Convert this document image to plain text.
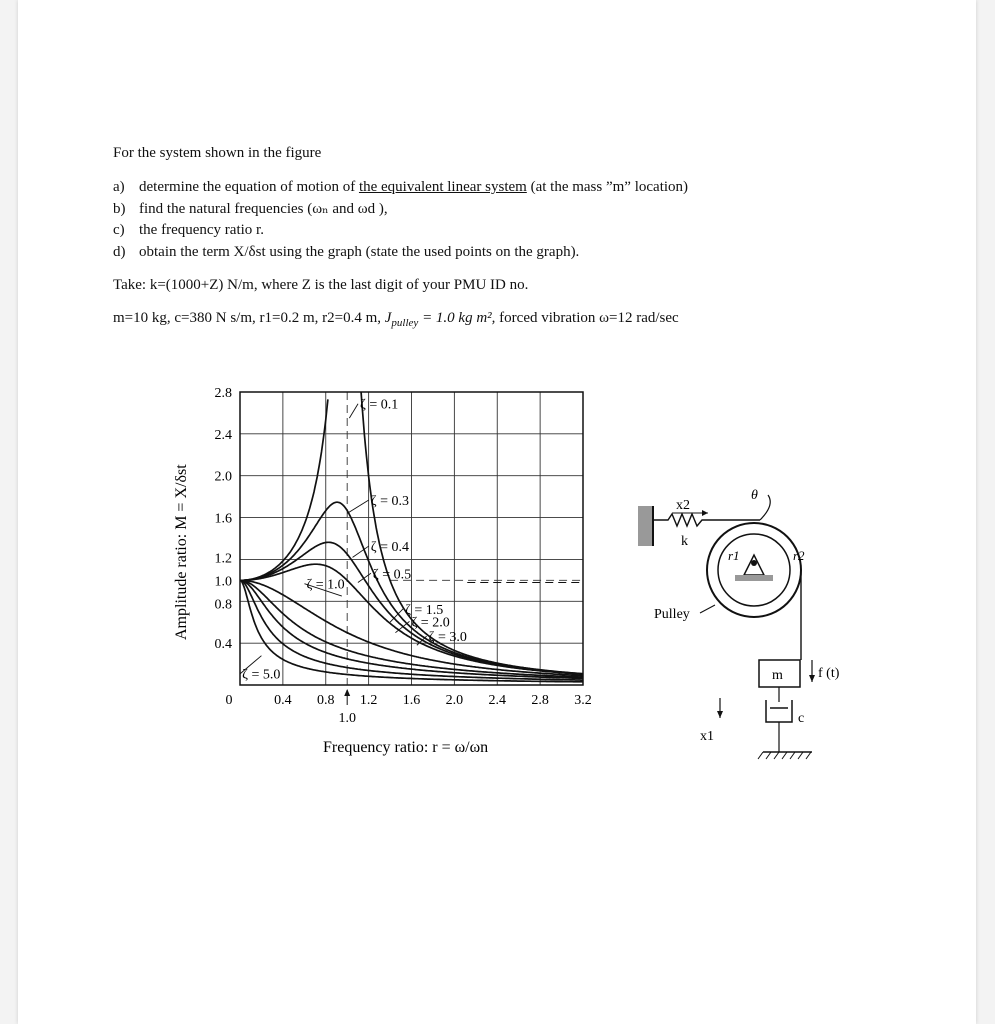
For the system shown in the figure
a) determine the equation of motion of the equivalent linear system (at the mass ”m” location)
b) find the natural frequencies (ωₙ and ωd ),
c) the frequency ratio r.
d) obtain the term X/δst using the graph (state the used points on the graph).
Take: k=(1000+Z) N/m, where Z is the last digit of your PMU ID no.
m=10 kg, c=380 N s/m, r1=0.2 m, r2=0.4 m, $J_{pulley} = 1.0$ kg m², forced vibration ω=12 rad/sec
0	0.4 0.8 1.2 1.6 2.0 2.4 2.8 3.2
1.0
0.4
0.8
1.0
1.2
1.6
2.0
2.4
2.8
ζ = 0.1
ζ = 0.3
ζ = 0.4
ζ = 0.5
ζ = 1.0
ζ = 1.5
ζ = 2.0
ζ = 3.0
ζ = 5.0
Amplitude ratio: M = X/δst
Frequency ratio: r = ω/ωn
x2
k
θ
r1	r2
Pulley
m	f (t)
x1
c
